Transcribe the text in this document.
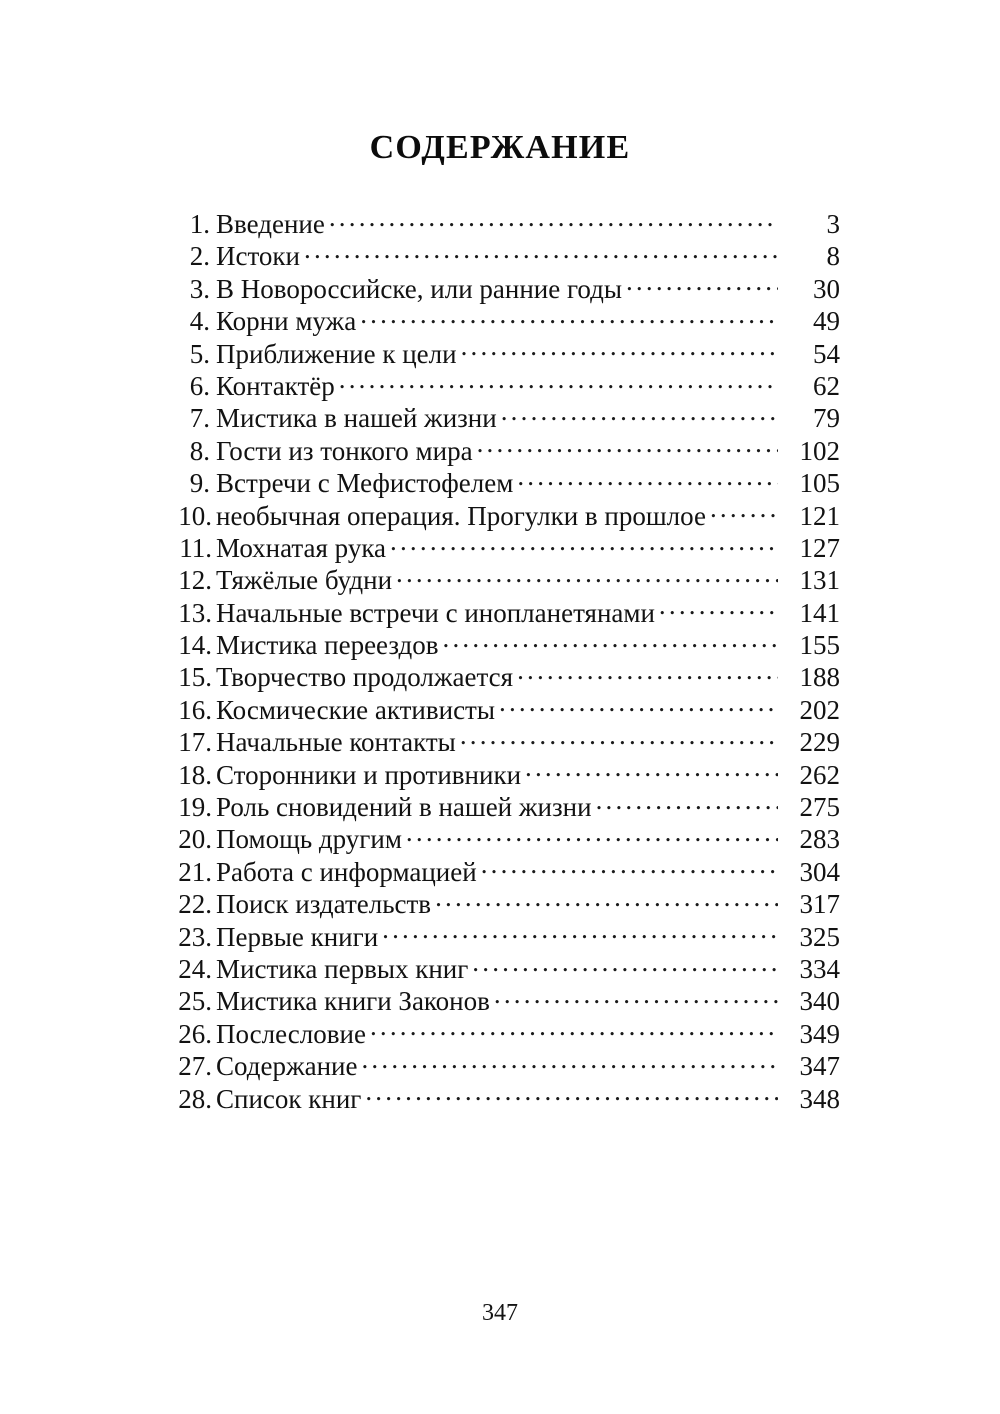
СОДЕРЖАНИЕ
1. Введение .....	3
2. Истоки .....	8
3. В Новороссийске, или ранние годы .....	30
4. Корни мужа .....	49
5. Приближение к цели .....	54
6. Контактёр .....	62
7. Мистика в нашей жизни .....	79
8. Гости из тонкого мира .....	102
9. Встречи с Мефистофелем .....	105
10. необычная операция. Прогулки в прошлое .....	121
11. Мохнатая рука .....	127
12. Тяжёлые будни .....	131
13. Начальные встречи с инопланетянами .....	141
14. Мистика переездов .....	155
15. Творчество продолжается .....	188
16. Космические активисты .....	202
17. Начальные контакты .....	229
18. Сторонники и противники .....	262
19. Роль сновидений в нашей жизни .....	275
20. Помощь другим .....	283
21. Работа с информацией .....	304
22. Поиск издательств .....	317
23. Первые книги .....	325
24. Мистика первых книг .....	334
25. Мистика книги Законов .....	340
26. Послесловие .....	349
27. Содержание .....	347
28. Список книг .....	348
347
